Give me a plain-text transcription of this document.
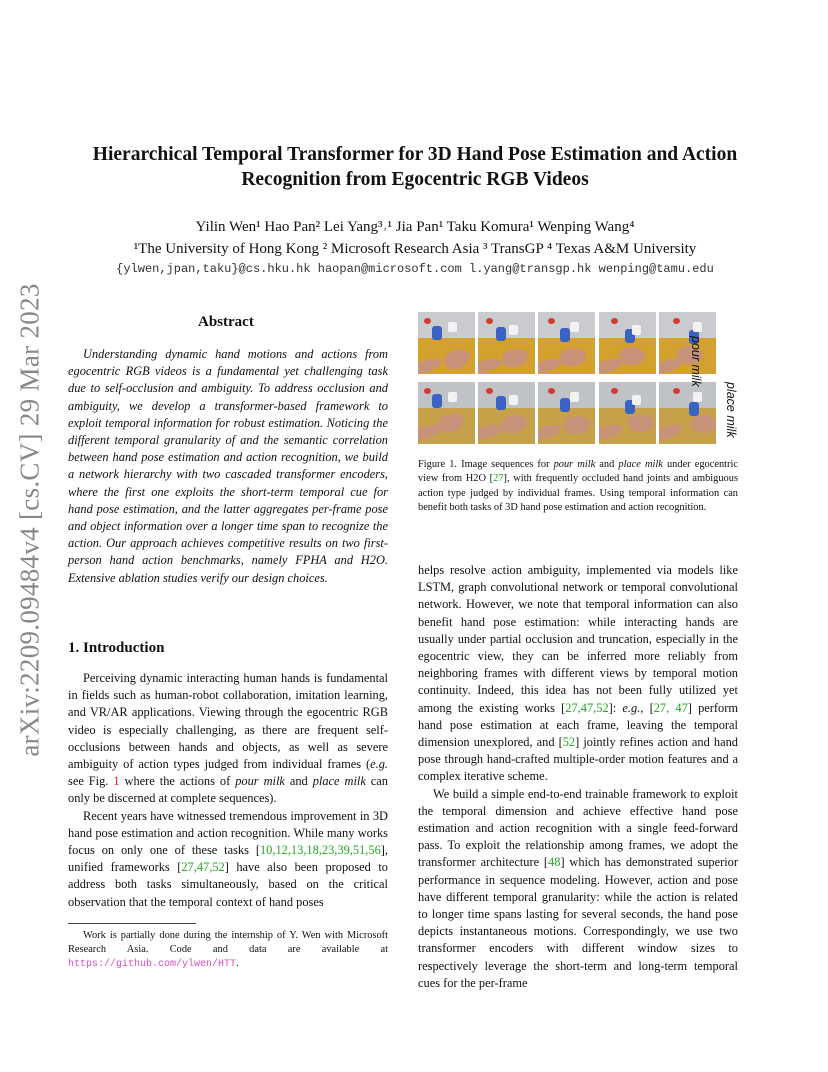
arXiv:2209.09484v4 [cs.CV] 29 Mar 2023
Hierarchical Temporal Transformer for 3D Hand Pose Estimation and Action
Recognition from Egocentric RGB Videos
Yilin Wen¹ Hao Pan² Lei Yang³˒¹ Jia Pan¹ Taku Komura¹ Wenping Wang⁴
¹The University of Hong Kong ² Microsoft Research Asia ³ TransGP ⁴ Texas A&M University
{ylwen,jpan,taku}@cs.hku.hk haopan@microsoft.com l.yang@transgp.hk wenping@tamu.edu
Abstract

Understanding dynamic hand motions and actions from egocentric RGB videos is a fundamental yet challenging task due to self-occlusion and ambiguity. To address occlusion and ambiguity, we develop a transformer-based framework to exploit temporal information for robust estimation. Noticing the different temporal granularity of and the semantic correlation between hand pose estimation and action recognition, we build a network hierarchy with two cascaded transformer encoders, where the first one exploits the short-term temporal cue for hand pose estimation, and the latter aggregates per-frame pose and object information over a longer time span to recognize the action. Our approach achieves competitive results on two first-person hand action benchmarks, namely FPHA and H2O. Extensive ablation studies verify our design choices.

1. Introduction

Perceiving dynamic interacting human hands is fundamental in fields such as human-robot collaboration, imitation learning, and VR/AR applications. Viewing through the egocentric RGB video is especially challenging, as there are frequent self-occlusions between hands and objects, as well as severe ambiguity of action types judged from individual frames (e.g. see Fig. 1 where the actions of pour milk and place milk can only be discerned at complete sequences).

Recent years have witnessed tremendous improvement in 3D hand pose estimation and action recognition. While many works focus on only one of these tasks [10,12,13,18,23,39,51,56], unified frameworks [27,47,52] have also been proposed to address both tasks simultaneously, based on the critical observation that the temporal context of hand poses

Work is partially done during the internship of Y. Wen with Microsoft Research Asia. Code and data are available at https://github.com/ylwen/HTT.
pour milk
place milk
Figure 1. Image sequences for pour milk and place milk under egocentric view from H2O [27], with frequently occluded hand joints and ambiguous action type judged by individual frames. Using temporal information can benefit both tasks of 3D hand pose estimation and action recognition.

helps resolve action ambiguity, implemented via models like LSTM, graph convolutional network or temporal convolutional network. However, we note that temporal information can also benefit hand pose estimation: while interacting hands are usually under partial occlusion and truncation, especially in the egocentric view, they can be inferred more reliably from neighboring frames with different views by temporal motion continuity. Indeed, this idea has not been fully utilized yet among the existing works [27,47,52]: e.g., [27, 47] perform hand pose estimation at each frame, leaving the temporal dimension unexplored, and [52] jointly refines action and hand pose through hand-crafted multiple-order motion features and a complex iterative scheme.

We build a simple end-to-end trainable framework to exploit the temporal dimension and achieve effective hand pose estimation and action recognition with a single feed-forward pass. To exploit the relationship among frames, we adopt the transformer architecture [48] which has demonstrated superior performance in sequence modeling. However, action and pose have different temporal granularity: while the action is related to longer time spans lasting for several seconds, the hand pose depicts instantaneous motions. Correspondingly, we use two transformer encoders with different window sizes to respectively leverage the short-term and long-term temporal cues for the per-frame
